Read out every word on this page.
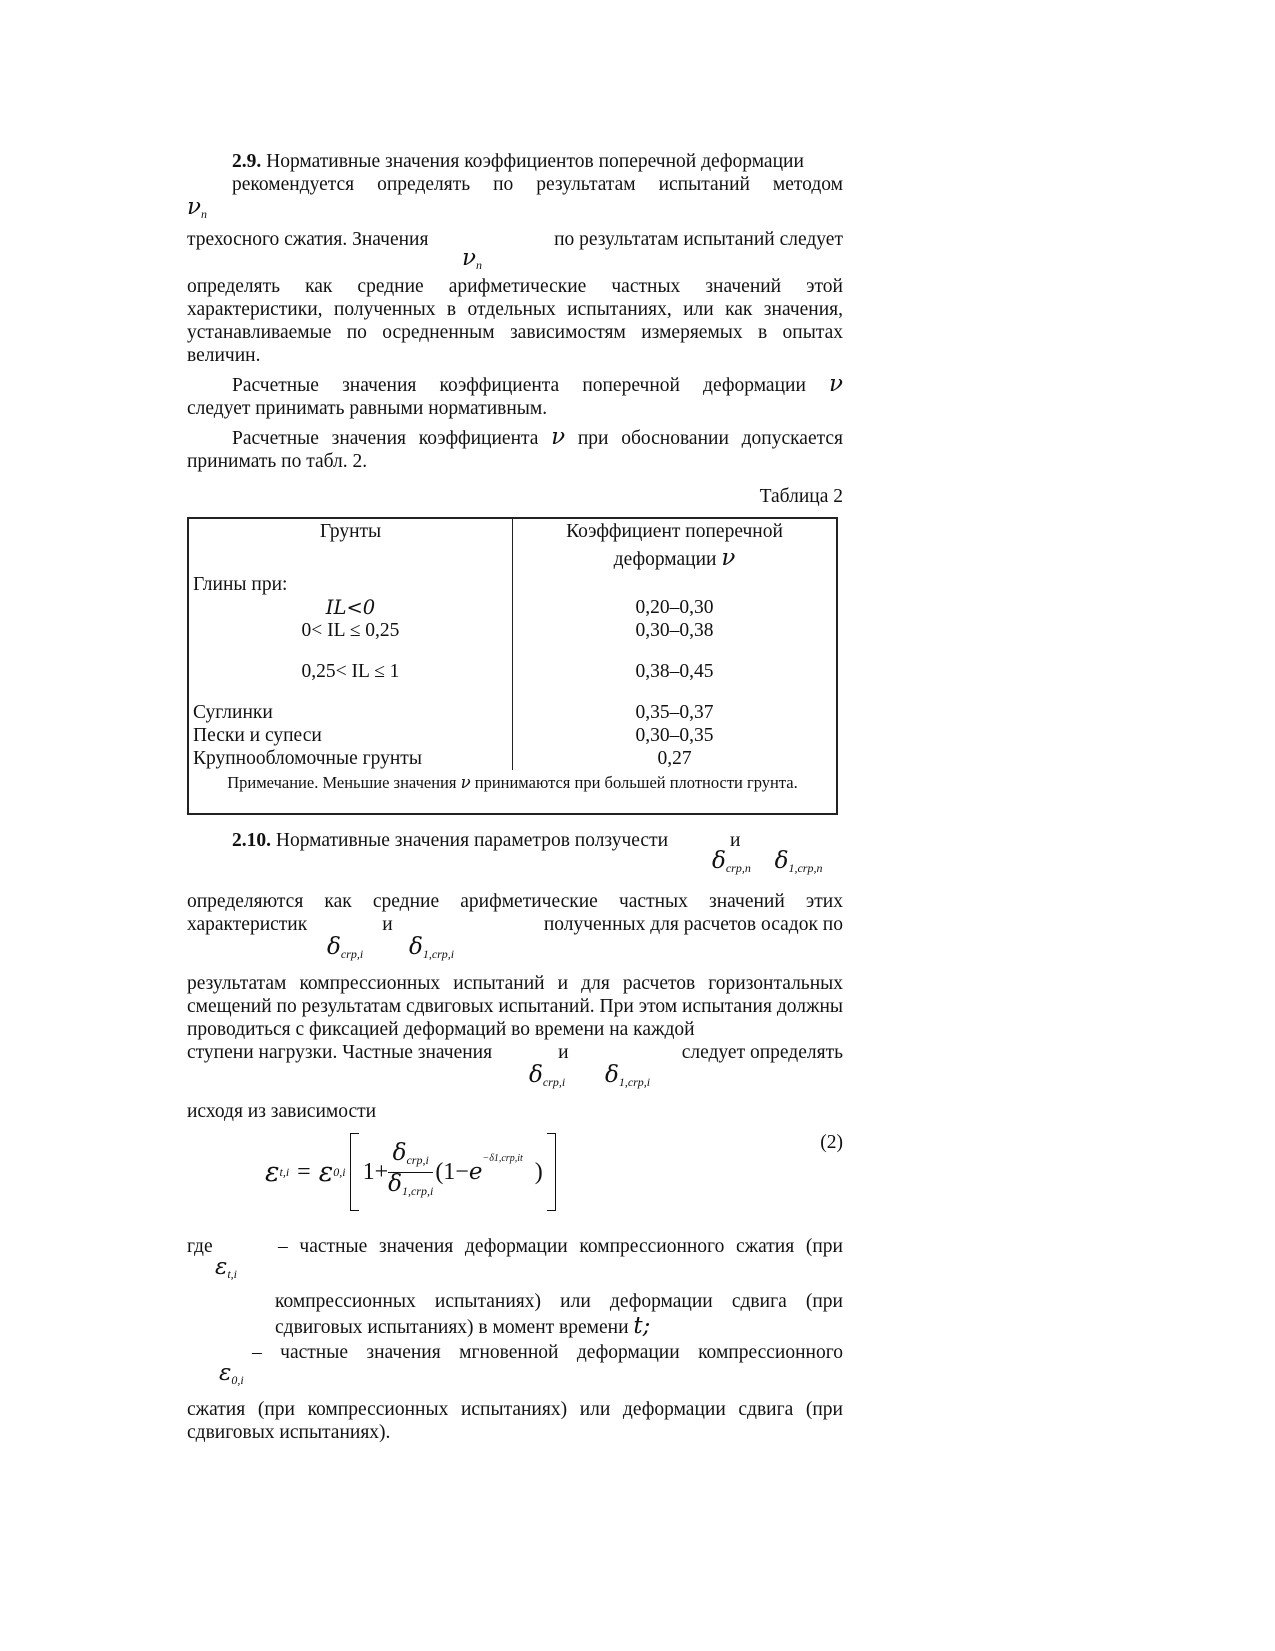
2.9. Нормативные значения коэффициентов поперечной деформации

рекомендуется определять по результатам испытаний методом

$\nu_n$

трехосного сжатия. Значения
	по результатам испытаний следует

$\nu_n$

определять как средние арифметические частных значений этой характеристики, полученных в отдельных испытаниях, или как значения, устанавливаемые по осредненным зависимостям измеряемых в опытах величин.

Расчетные значения коэффициента поперечной деформации ν

следует принимать равными нормативным.

Расчетные значения коэффициента ν при обосновании допускается принимать по табл. 2.

Таблица 2

Грунты	Коэффициент поперечной
деформации ν
Глины при:	
IL<0	0,20–0,30
0< IL ≤ 0,25	0,30–0,38
0,25< IL ≤ 1	0,38–0,45
Суглинки	0,35–0,37
Пески и супеси	0,30–0,35
Крупнообломочные грунты	0,27
Примечание. Меньшие значения ν принимаются при большей плотности грунта.	

2.10. Нормативные значения параметров ползучести	и

$\delta_{crp,n}$ $\delta_{1,crp,n}$

определяются как средние арифметические частных значений этих

характеристик	и	полученных для расчетов осадок по

$\delta_{crp,i}$ $\delta_{1,crp,i}$

результатам компрессионных испытаний и для расчетов горизонтальных смещений по результатам сдвиговых испытаний. При этом испытания должны проводиться с фиксацией деформаций во времени на каждой

ступени нагрузки. Частные значения	и	следует определять

$\delta_{crp,i}$ $\delta_{1,crp,i}$

исходя из зависимости

(2)
ε t,i = ε 0,i $1+ \frac{\delta_{crp,i}}{\delta_{1,crp,i}} (1- e$
$^{-\delta 1,crp,it}$
)

где	– частные значения деформации компрессионного сжатия (при

$\varepsilon_{t,i}$

компрессионных испытаниях) или деформации сдвига (при

сдвиговых испытаниях) в момент времени t;

– частные значения мгновенной деформации компрессионного

$\varepsilon_{0,i}$

сжатия (при компрессионных испытаниях) или деформации сдвига (при сдвиговых испытаниях).
